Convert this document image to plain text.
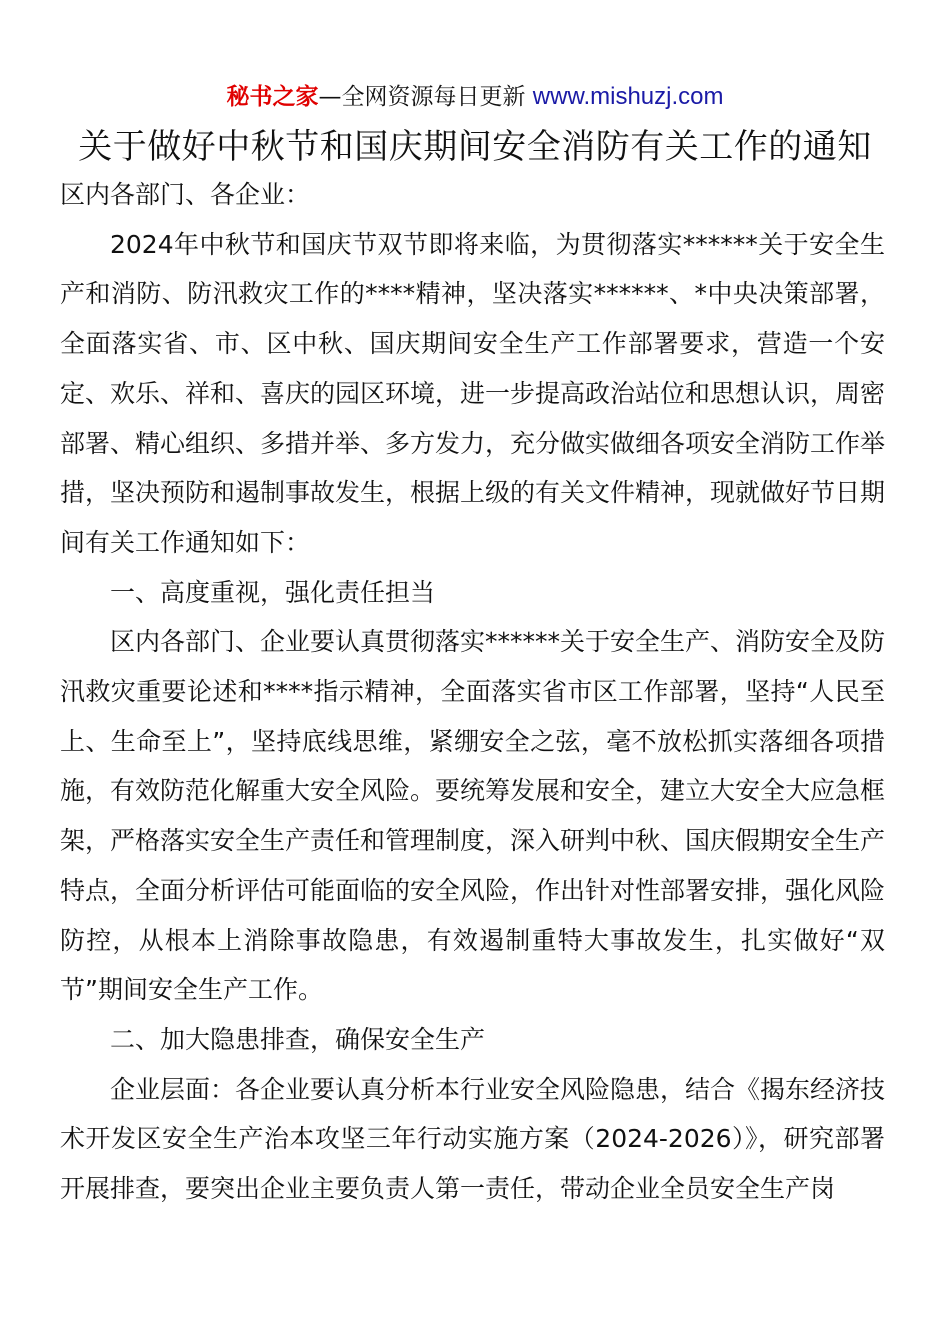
秘书之家—全网资源每日更新 www.mishuzj.com
关于做好中秋节和国庆期间安全消防有关工作的通知

区内各部门、各企业：

2024年中秋节和国庆节双节即将来临，为贯彻落实******关于安全生产和消防、防汛救灾工作的****精神，坚决落实******、*中央决策部署，全面落实省、市、区中秋、国庆期间安全生产工作部署要求，营造一个安定、欢乐、祥和、喜庆的园区环境，进一步提高政治站位和思想认识，周密部署、精心组织、多措并举、多方发力，充分做实做细各项安全消防工作举措，坚决预防和遏制事故发生，根据上级的有关文件精神，现就做好节日期间有关工作通知如下：

一、高度重视，强化责任担当

区内各部门、企业要认真贯彻落实******关于安全生产、消防安全及防汛救灾重要论述和****指示精神，全面落实省市区工作部署，坚持“人民至上、生命至上”，坚持底线思维，紧绷安全之弦，毫不放松抓实落细各项措施，有效防范化解重大安全风险。要统筹发展和安全，建立大安全大应急框架，严格落实安全生产责任和管理制度，深入研判中秋、国庆假期安全生产特点，全面分析评估可能面临的安全风险，作出针对性部署安排，强化风险防控，从根本上消除事故隐患，有效遏制重特大事故发生，扎实做好“双节”期间安全生产工作。

二、加大隐患排查，确保安全生产

企业层面：各企业要认真分析本行业安全风险隐患，结合《揭东经济技术开发区安全生产治本攻坚三年行动实施方案（2024-2026）》，研究部署开展排查，要突出企业主要负责人第一责任，带动企业全员安全生产岗
